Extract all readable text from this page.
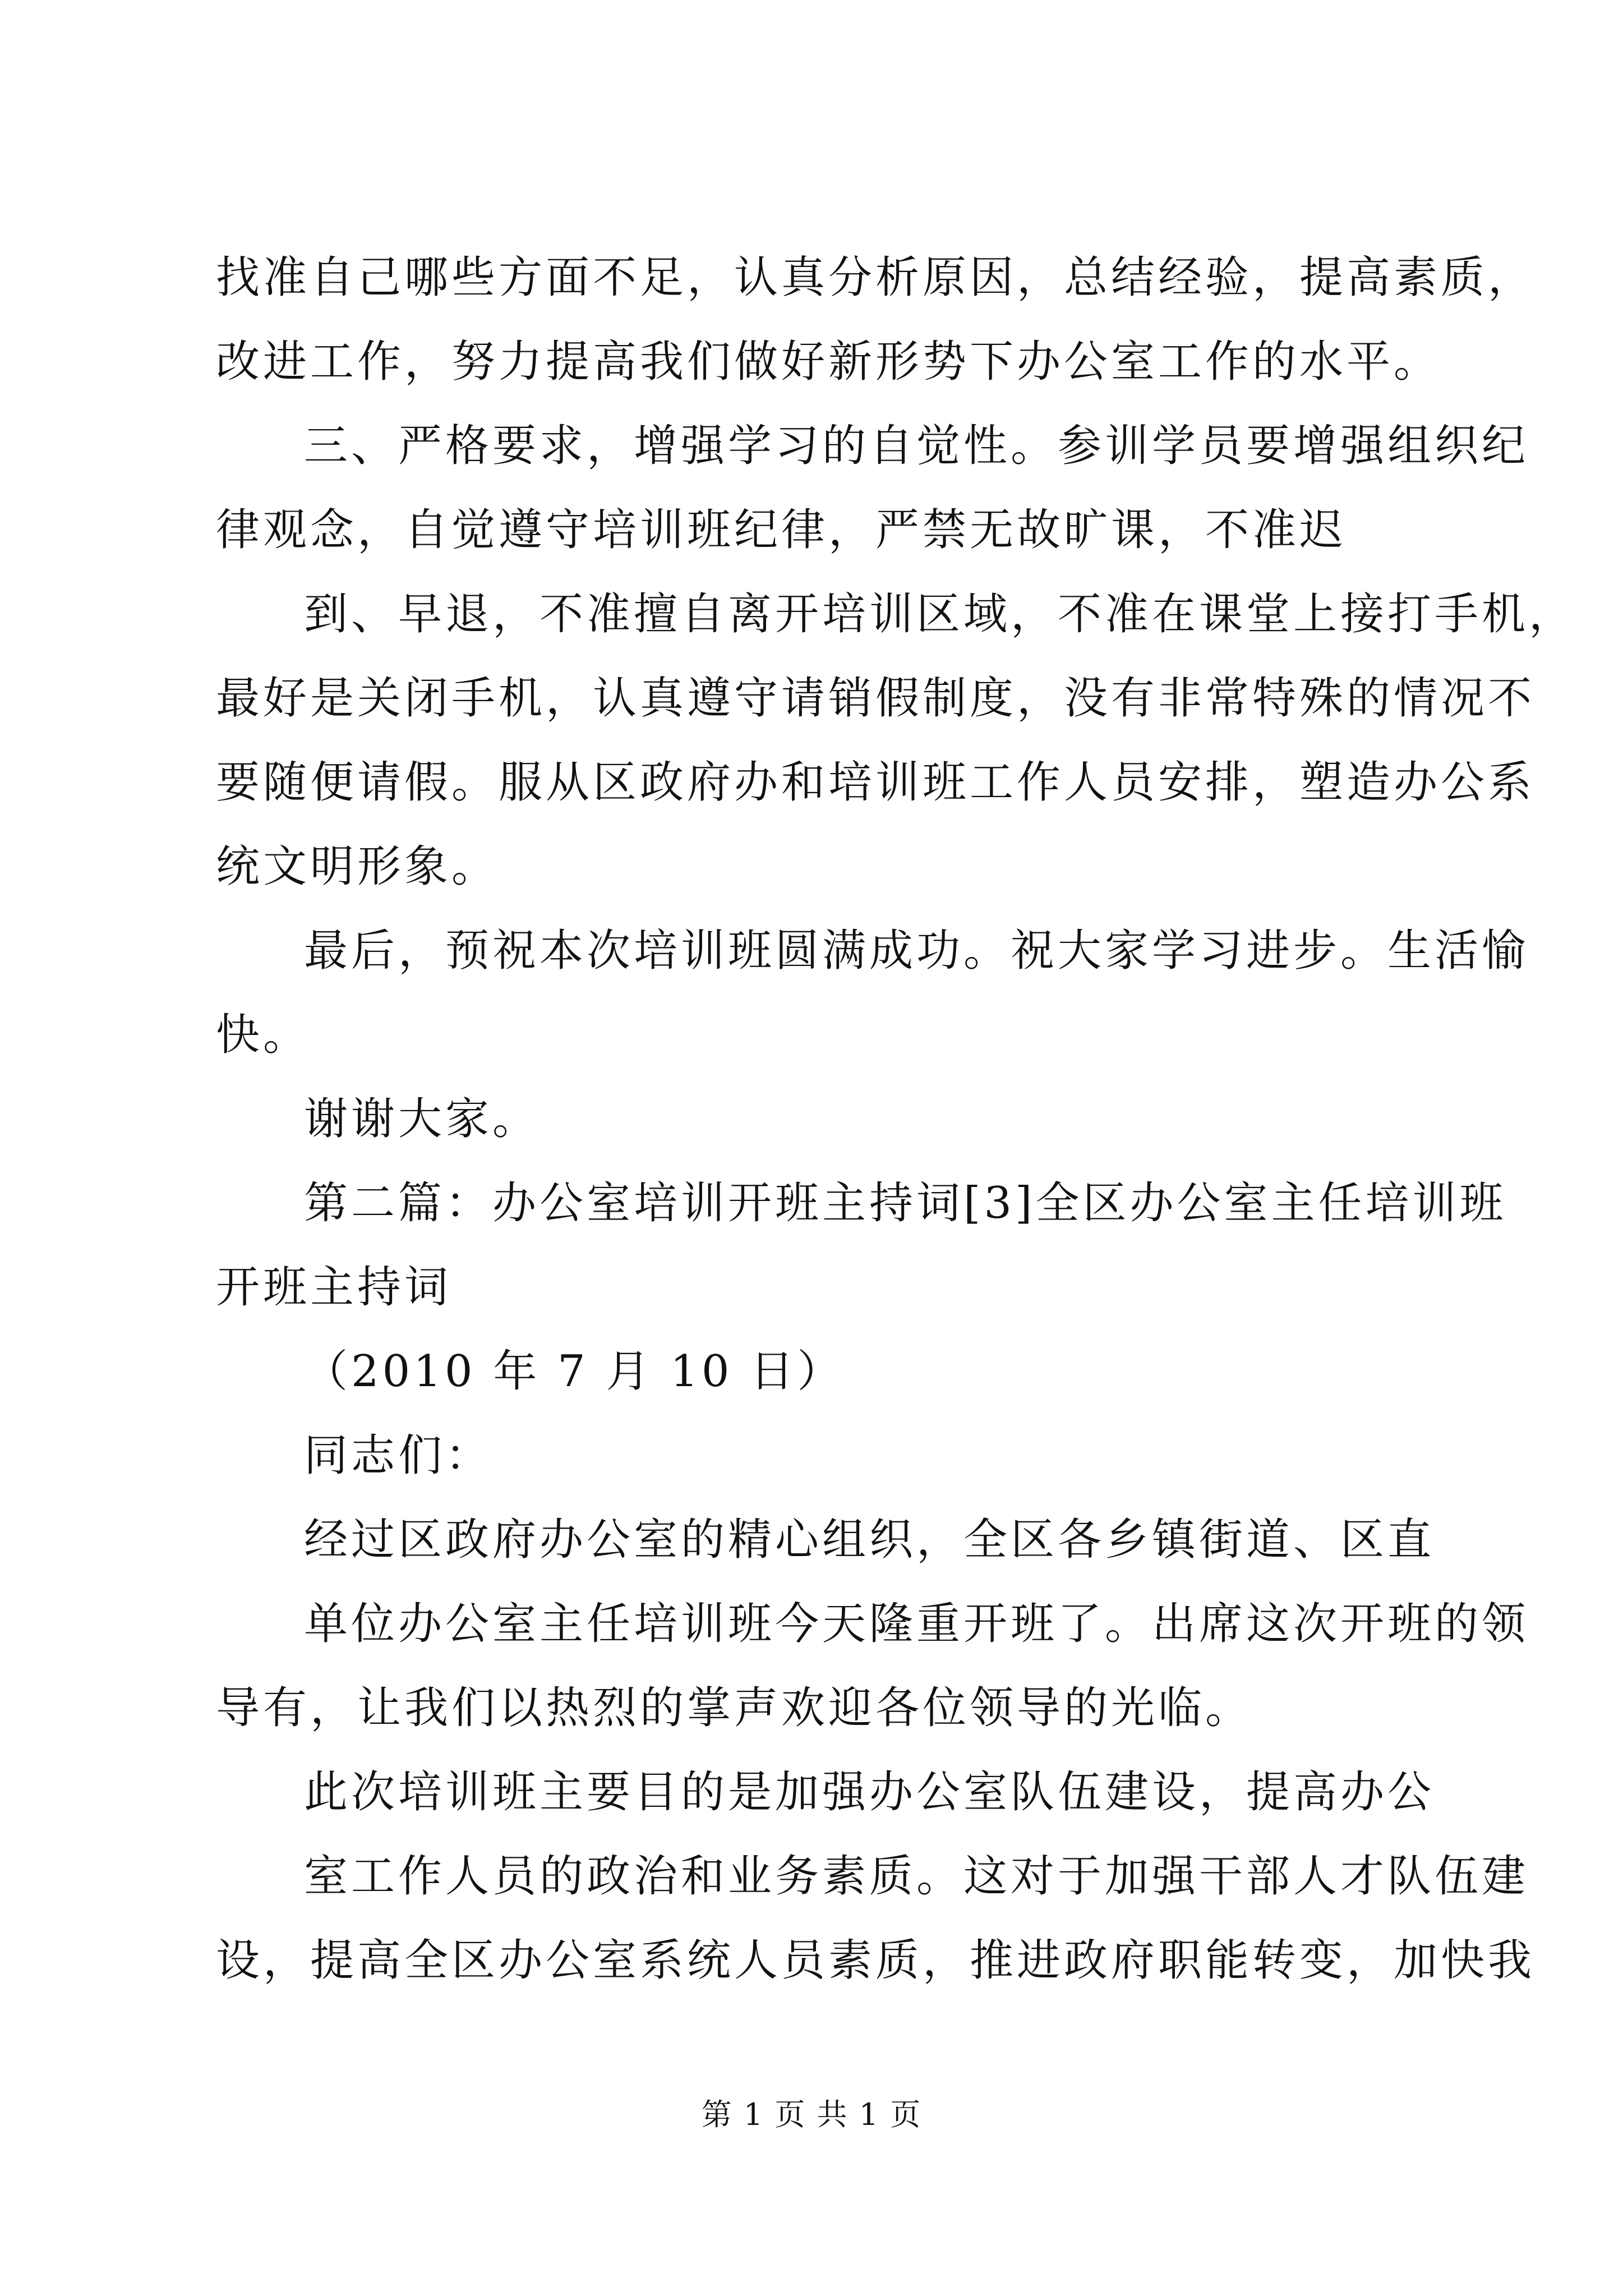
找准自己哪些方面不足，认真分析原因，总结经验，提高素质，
改进工作，努力提高我们做好新形势下办公室工作的水平。
三、严格要求，增强学习的自觉性。参训学员要增强组织纪
律观念，自觉遵守培训班纪律，严禁无故旷课，不准迟
到、早退，不准擅自离开培训区域，不准在课堂上接打手机，
最好是关闭手机，认真遵守请销假制度，没有非常特殊的情况不
要随便请假。服从区政府办和培训班工作人员安排，塑造办公系
统文明形象。
最后，预祝本次培训班圆满成功。祝大家学习进步。生活愉
快。
谢谢大家。
第二篇：办公室培训开班主持词[3]全区办公室主任培训班
开班主持词
（2010 年 7 月 10 日）
同志们：
经过区政府办公室的精心组织，全区各乡镇街道、区直
单位办公室主任培训班今天隆重开班了。出席这次开班的领
导有，让我们以热烈的掌声欢迎各位领导的光临。
此次培训班主要目的是加强办公室队伍建设，提高办公
室工作人员的政治和业务素质。这对于加强干部人才队伍建
设，提高全区办公室系统人员素质，推进政府职能转变，加快我
第 1 页 共 1 页
